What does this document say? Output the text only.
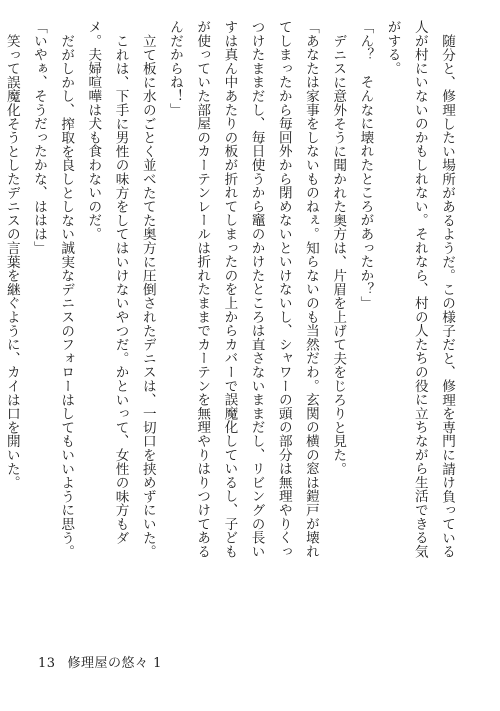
随分と、修理したい場所があるようだ。この様子だと、修理を専門に請け負っている人が村にいないのかもしれない。それなら、村の人たちの役に立ちながら生活できる気がする。

「ん？　そんなに壊れたところがあったか？」

デニスに意外そうに聞かれた奥方は、片眉を上げて夫をじろりと見た。

「あなたは家事をしないものねぇ。知らないのも当然だわ。玄関の横の窓は鎧戸が壊れてしまったから毎回外から閉めないといけないし、シャワーの頭の部分は無理やりくっつけたままだし、毎日使うから竈のかけたところは直さないままだし、リビングの長いすは真ん中あたりの板が折れてしまったのを上からカバーで誤魔化しているし、子どもが使っていた部屋のカーテンレールは折れたままでカーテンを無理やりはりつけてあるんだからね！」

立て板に水のごとく並べたてた奥方に圧倒されたデニスは、一切口を挟めずにいた。

これは、下手に男性の味方をしてはいけないやつだ。かといって、女性の味方もダメ。夫婦喧嘩は犬も食わないのだ。

だがしかし、搾取を良しとしない誠実なデニスのフォローはしてもいいように思う。

「いやぁ、そうだったかな、ははは」

笑って誤魔化そうとしたデニスの言葉を継ぐように、カイは口を開いた。

13 修理屋の悠々 1
